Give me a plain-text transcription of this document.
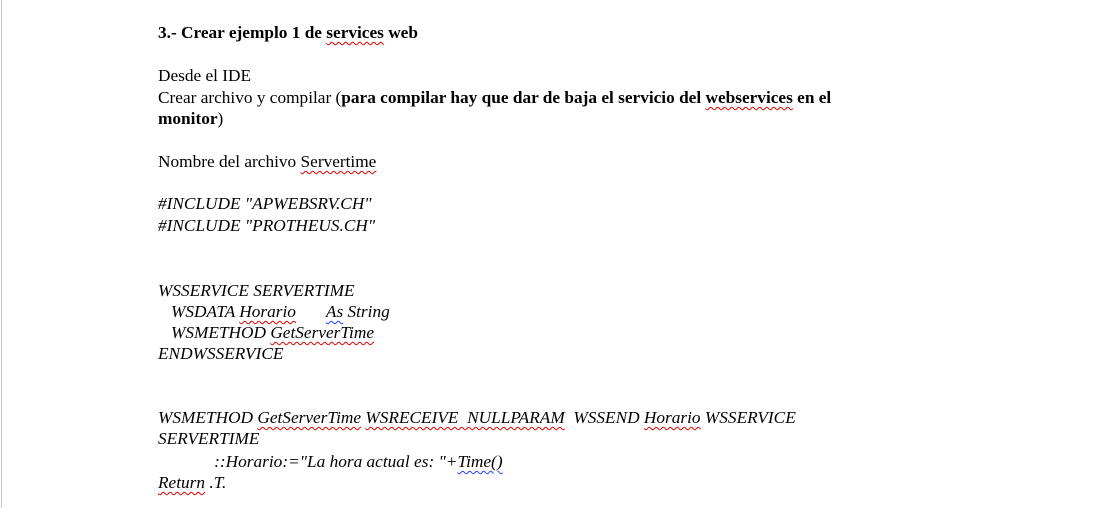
3.- Crear ejemplo 1 de services web
Desde el IDE
Crear archivo y compilar (para compilar hay que dar de baja el servicio del webservices en el
monitor)
Nombre del archivo Servertime
#INCLUDE "APWEBSRV.CH"
#INCLUDE "PROTHEUS.CH"
WSSERVICE SERVERTIME
WSDATA Horario As String
WSMETHOD GetServerTime
ENDWSSERVICE
WSMETHOD GetServerTime WSRECEIVE  NULLPARAM  WSSEND Horario WSSERVICE
SERVERTIME
::Horario:="La hora actual es: "+Time()
Return .T.
